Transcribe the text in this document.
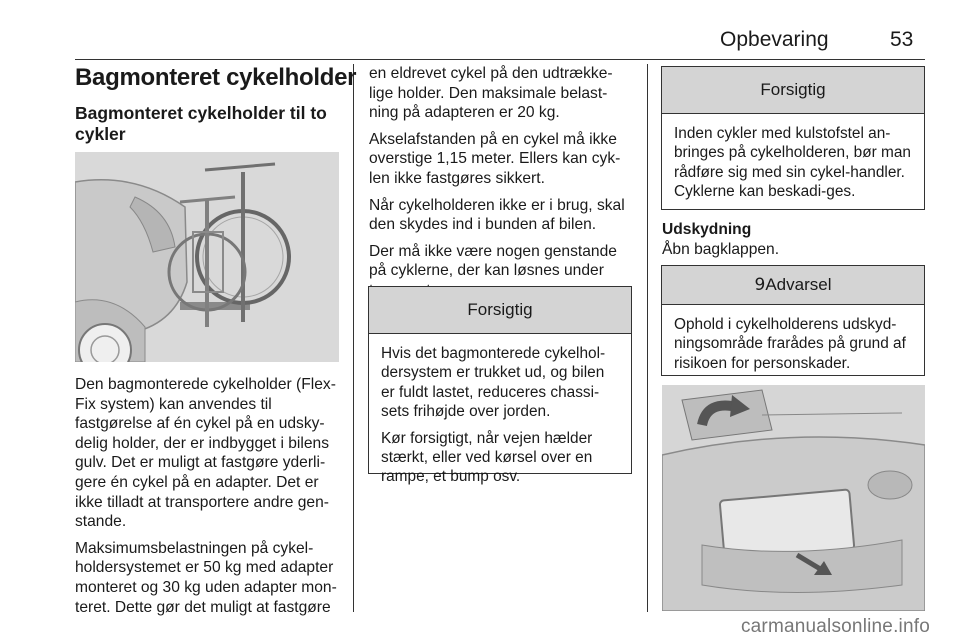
Opbevaring	53
Bagmonteret cykelholder
Bagmonteret cykelholder til to cykler

Den bagmonterede cykelholder (Flex-Fix system) kan anvendes til fastgørelse af én cykel på en udsky-delig holder, der er indbygget i bilens gulv. Det er muligt at fastgøre yderli-gere én cykel på en adapter. Det er ikke tilladt at transportere andre gen-stande.

Maksimumsbelastningen på cykel-holdersystemet er 50 kg med adapter monteret og 30 kg uden adapter mon-teret. Dette gør det muligt at fastgøre

en eldrevet cykel på den udtrække-lige holder. Den maksimale belast-ning på adapteren er 20 kg.

Akselafstanden på en cykel må ikke overstige 1,15 meter. Ellers kan cyk-len ikke fastgøres sikkert.

Når cykelholderen ikke er i brug, skal den skydes ind i bunden af bilen.

Der må ikke være nogen genstande på cyklerne, der kan løsnes under

Forsigtig

Hvis det bagmonterede cykelhol-dersystem er trukket ud, og bilen er fuldt lastet, reduceres chassi-sets frihøjde over jorden.

Kør forsigtigt, når vejen hælder stærkt, eller ved kørsel over en rampe, et bump osv.

Forsigtig
Inden cykler med kulstofstel an-bringes på cykelholderen, bør man rådføre sig med sin cykel-handler. Cyklerne kan beskadi-ges.
Udskydning
Åbn bagklappen.
9Advarsel
Ophold i cykelholderens udskyd-ningsområde frarådes på grund af risikoen for personskader.
carmanualsonline.info
